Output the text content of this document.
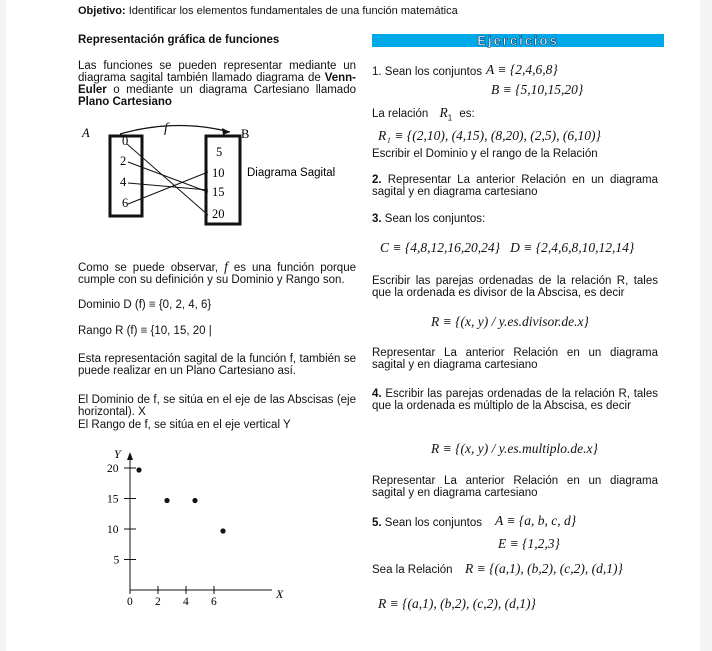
Objetivo: Identificar los elementos fundamentales de una función matemática
Representación gráfica de funciones
Las funciones se pueden representar mediante un diagrama sagital también llamado diagrama de Venn-Euler o mediante un diagrama Cartesiano llamado Plano Cartesiano
A	B
f
0
2
4
6
5
10
15
20
Diagrama Sagital
Como se puede observar, f es una función porque cumple con su definición y su Dominio y Rango son.
Dominio D (f) ≡ {0, 2, 4, 6}
Rango R (f) ≡ {10, 15, 20 |
Esta representación sagital de la función f, también se puede realizar en un Plano Cartesiano así.
El Dominio de f, se sitúa en el eje de las Abscisas (eje horizontal). X
El Rango de f, se sitúa en el eje vertical Y
Y
X
0 2 4 6
5
10
15
20
Ejercicios
1. Sean los conjuntos A ≡ {2,4,6,8}
B ≡ {5,10,15,20}
La relación $R_1$ es:
R₁ ≡ {(2,10), (4,15), (8,20), (2,5), (6,10)}
Escribir el Dominio y el rango de la Relación
2. Representar La anterior Relación en un diagrama sagital y en diagrama cartesiano
3. Sean los conjuntos:
C ≡ {4,8,12,16,20,24}   D ≡ {2,4,6,8,10,12,14}
Escribir las parejas ordenadas de la relación R, tales que la ordenada es divisor de la Abscisa, es decir
R ≡ {(x, y) / y.es.divisor.de.x}
Representar La anterior Relación en un diagrama sagital y en diagrama cartesiano
4. Escribir las parejas ordenadas de la relación R, tales que la ordenada es múltiplo de la Abscisa, es decir
R ≡ {(x, y) / y.es.multiplo.de.x}
Representar La anterior Relación en un diagrama sagital y en diagrama cartesiano
5. Sean los conjuntos A ≡ {a, b, c, d}
E ≡ {1,2,3}
Sea la Relación R ≡ {(a,1), (b,2), (c,2), (d,1)}
R ≡ {(a,1), (b,2), (c,2), (d,1)}
